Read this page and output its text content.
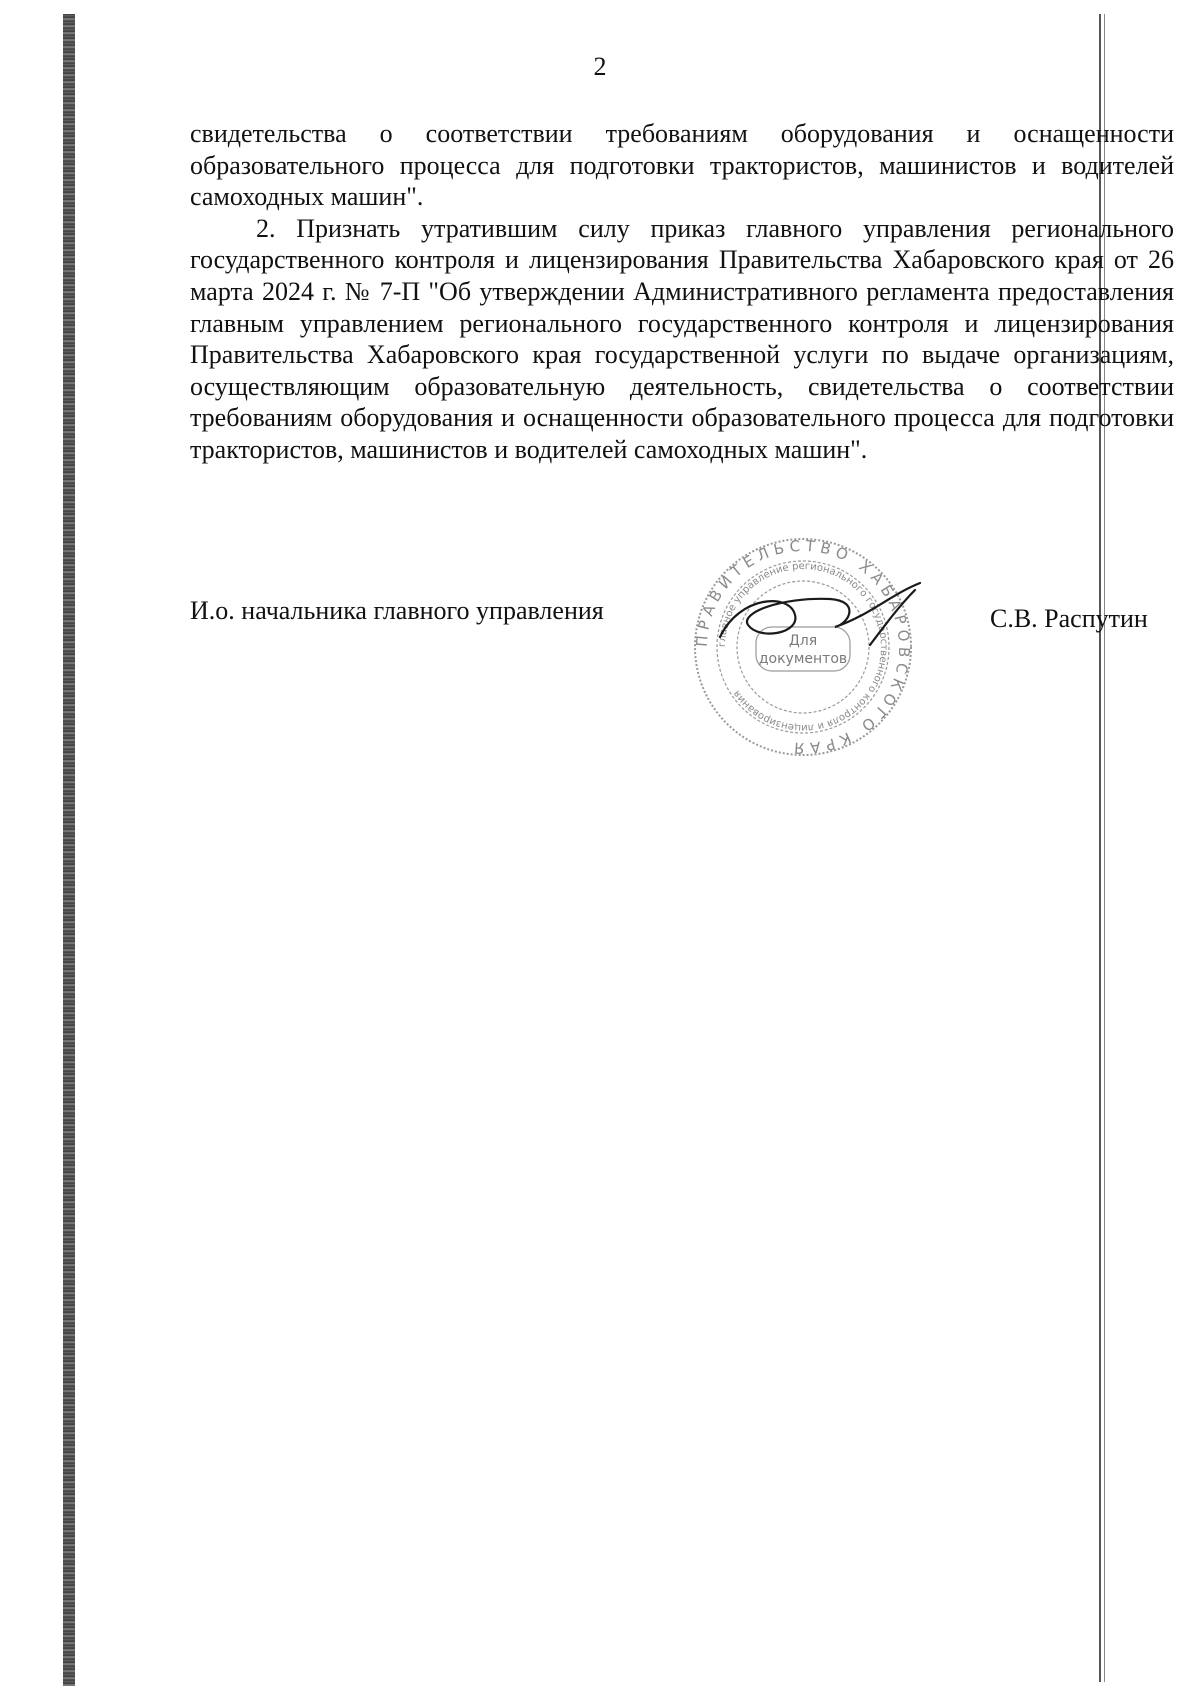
2

свидетельства о соответствии требованиям оборудования и оснащенности образовательного процесса для подготовки трактористов, машинистов и водителей самоходных машин".

2. Признать утратившим силу приказ главного управления регионального государственного контроля и лицензирования Правительства Хабаровского края от 26 марта 2024 г. № 7-П "Об утверждении Административного регламента предоставления главным управлением регионального государственного контроля и лицензирования Правительства Хабаровского края государственной услуги по выдаче организациям, осуществляющим образовательную деятельность, свидетельства о соответствии требованиям оборудования и оснащенности образовательного процесса для подготовки трактористов, машинистов и водителей самоходных машин".

И.о. начальника главного управления	С.В. Распутин
ПРАВИТЕЛЬСТВО ХАБАРОВСКОГО КРАЯ
главное управление регионального государственного контроля и лицензирования
Для
документов
